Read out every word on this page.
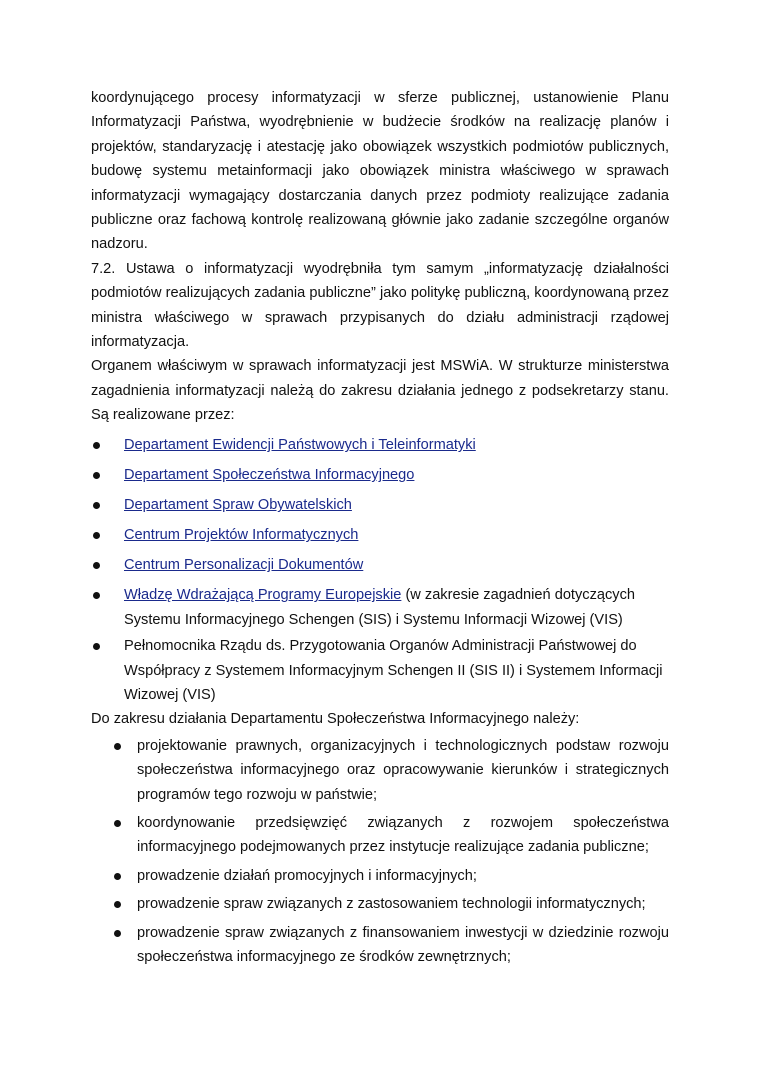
koordynującego procesy informatyzacji w sferze publicznej, ustanowienie Planu Informatyzacji Państwa, wyodrębnienie w budżecie środków na realizację planów i projektów, standaryzację i atestację jako obowiązek wszystkich podmiotów publicznych, budowę systemu metainformacji jako obowiązek ministra właściwego w sprawach informatyzacji wymagający dostarczania danych przez podmioty realizujące zadania publiczne oraz fachową kontrolę realizowaną głównie jako zadanie szczególne organów nadzoru.

7.2. Ustawa o informatyzacji wyodrębniła tym samym „informatyzację działalności podmiotów realizujących zadania publiczne” jako politykę publiczną, koordynowaną przez ministra właściwego w sprawach przypisanych do działu administracji rządowej informatyzacja.

Organem właściwym w sprawach informatyzacji jest MSWiA. W strukturze ministerstwa zagadnienia informatyzacji należą do zakresu działania jednego z podsekretarzy stanu. Są realizowane przez:

Departament Ewidencji Państwowych i Teleinformatyki
Departament Społeczeństwa Informacyjnego
Departament Spraw Obywatelskich
Centrum Projektów Informatycznych
Centrum Personalizacji Dokumentów
Władzę Wdrażającą Programy Europejskie (w zakresie zagadnień dotyczących Systemu Informacyjnego Schengen (SIS) i Systemu Informacji Wizowej (VIS)
Pełnomocnika Rządu ds. Przygotowania Organów Administracji Państwowej do Współpracy z Systemem Informacyjnym Schengen II (SIS II) i Systemem Informacji Wizowej (VIS)

Do zakresu działania Departamentu Społeczeństwa Informacyjnego należy:

projektowanie prawnych, organizacyjnych i technologicznych podstaw rozwoju społeczeństwa informacyjnego oraz opracowywanie kierunków i strategicznych programów tego rozwoju w państwie;
koordynowanie przedsięwzięć związanych z rozwojem społeczeństwa informacyjnego podejmowanych przez instytucje realizujące zadania publiczne;
prowadzenie działań promocyjnych i informacyjnych;
prowadzenie spraw związanych z zastosowaniem technologii informatycznych;
prowadzenie spraw związanych z finansowaniem inwestycji w dziedzinie rozwoju społeczeństwa informacyjnego ze środków zewnętrznych;
